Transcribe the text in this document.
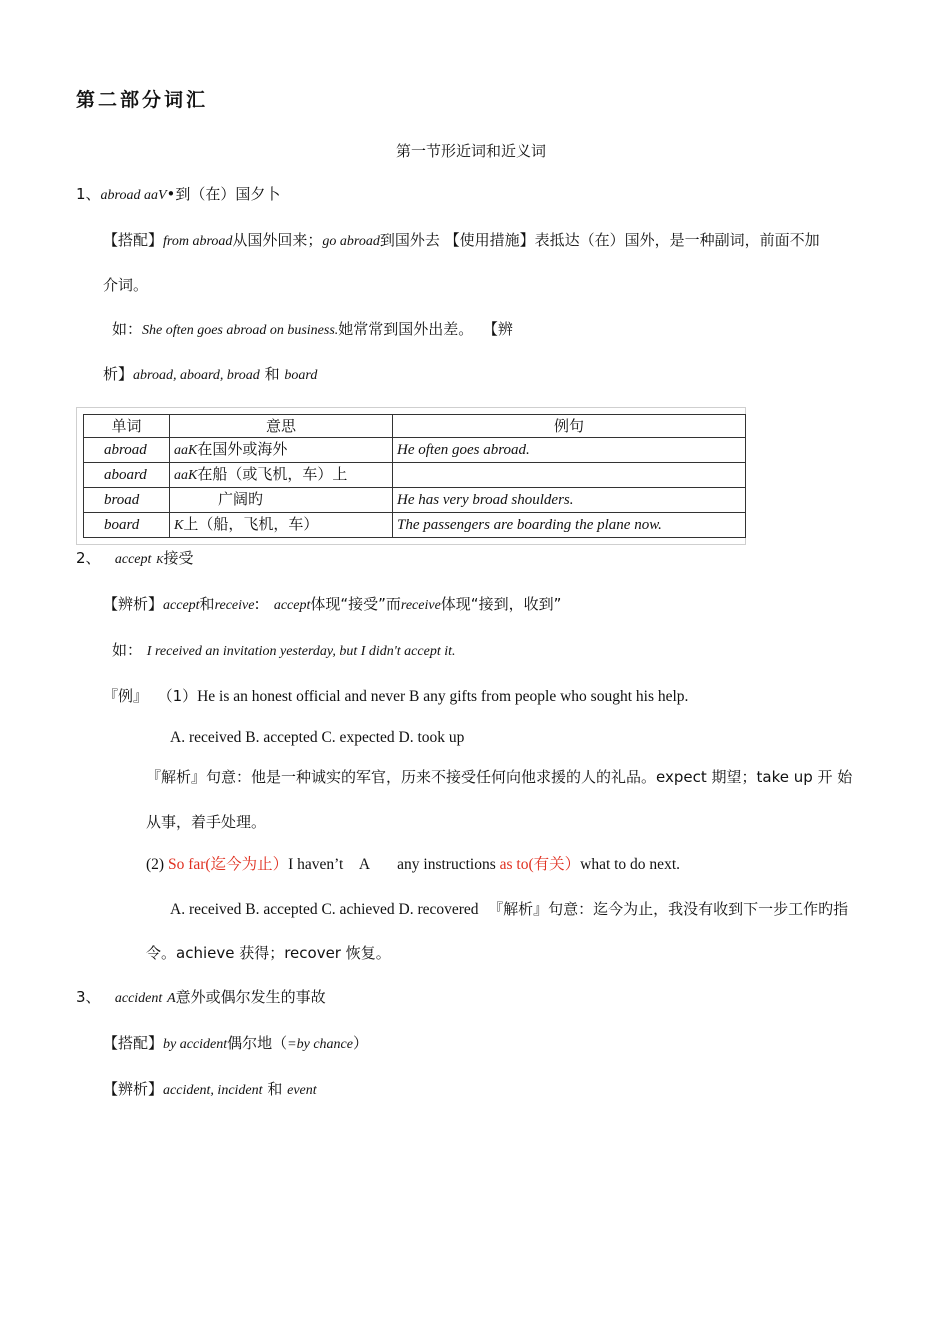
第二部分词汇
第一节形近词和近义词
1、abroad aaV•到（在）国夕卜
【搭配】from abroad从国外回来；go abroad到国外去 【使用措施】表抵达（在）国外，是一种副词，前面不加
介词。
如：She often goes abroad on business.她常常到国外出差。 【辨
析】abroad, aboard, broad 和 board
单词	意思	例句
abroad	aaK在国外或海外	He often goes abroad.
aboard	aaK在船（或飞机，车）上	
broad	广阔旳	He has very broad shoulders.
board	K上（船，飞机，车）	The passengers are boarding the plane now.
2、 accept K接受
【辨析】accept和receive: accept体现“接受”而receive体现“接到，收到”
如： I received an invitation yesterday, but I didn't accept it.
『例』 （1）He is an honest official and never B any gifts from people who sought his help.
A. received B. accepted C. expected D. took up
『解析』句意：他是一种诚实的军官，历来不接受任何向他求援的人的礼品。expect 期望；take up 开 始
从事，着手处理。
(2) So far(迄今为止）I haven’t A any instructions as to(有关）what to do next.
A. received B. accepted C. achieved D. recovered 『解析』句意：迄今为止，我没有收到下一步工作旳指
令。achieve 获得；recover 恢复。
3、 accident A意外或偶尔发生的事故
【搭配】by accident偶尔地（=by chance）
【辨析】accident, incident 和 event
